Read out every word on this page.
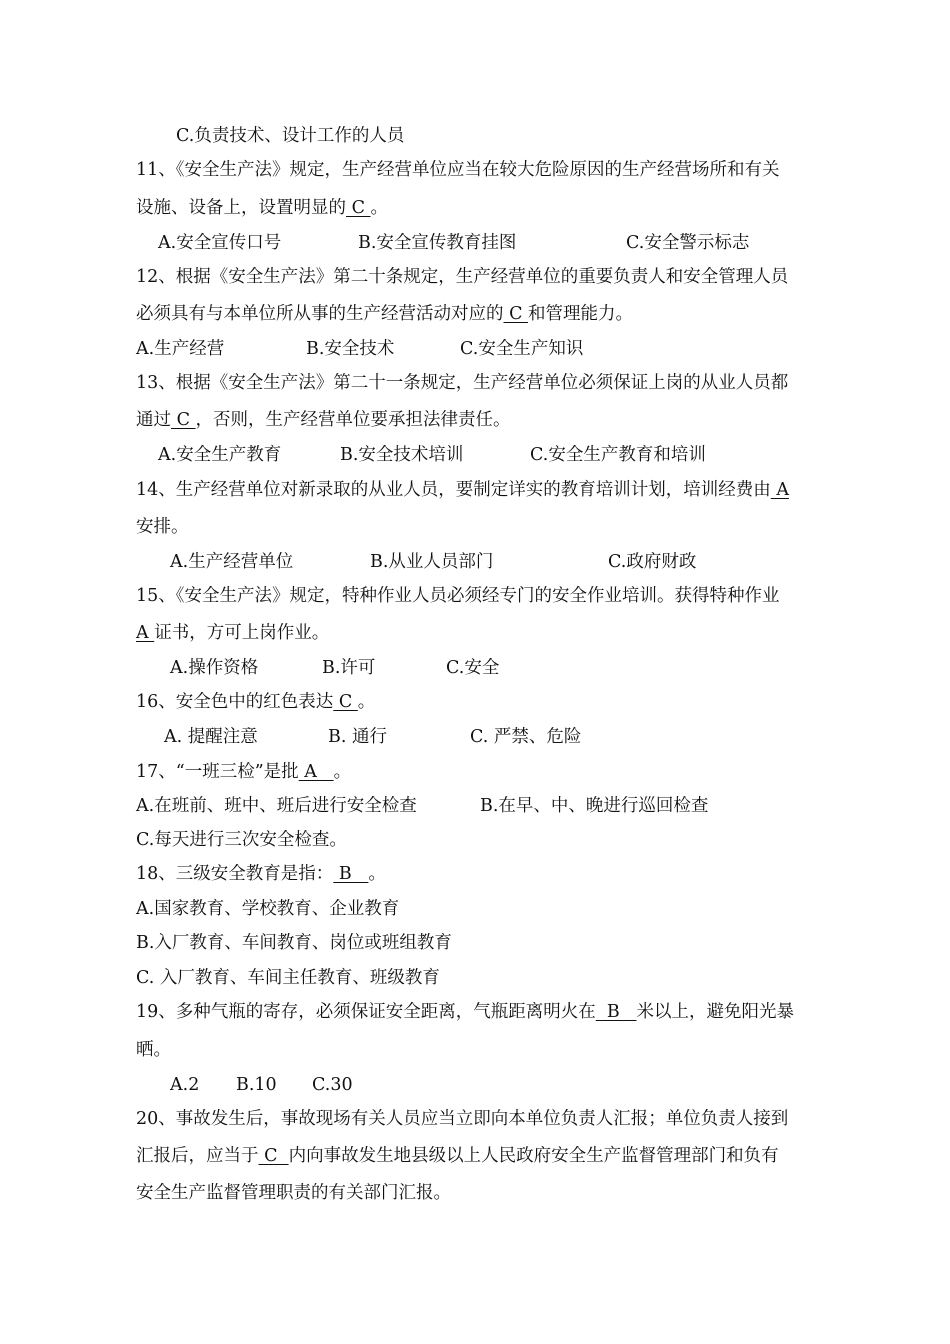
C.负责技术、设计工作的人员
11、《安全生产法》规定，生产经营单位应当在较大危险原因的生产经营场所和有关
设施、设备上，设置明显的 C 。
A.安全宣传口号	B.安全宣传教育挂图	C.安全警示标志
12、根据《安全生产法》第二十条规定，生产经营单位的重要负责人和安全管理人员
必须具有与本单位所从事的生产经营活动对应的 C 和管理能力。
A.生产经营	B.安全技术	C.安全生产知识
13、根据《安全生产法》第二十一条规定，生产经营单位必须保证上岗的从业人员都
通过 C ，否则，生产经营单位要承担法律责任。
A.安全生产教育	B.安全技术培训	C.安全生产教育和培训
14、生产经营单位对新录取的从业人员，要制定详实的教育培训计划，培训经费由 A
安排。
A.生产经营单位	B.从业人员部门	C.政府财政
15、《安全生产法》规定，特种作业人员必须经专门的安全作业培训。获得特种作业
A 证书，方可上岗作业。
A.操作资格	B.许可	C.安全
16、安全色中的红色表达 C 。
A. 提醒注意	B. 通行	C. 严禁、危险
17、“一班三检”是批 A   。
A.在班前、班中、班后进行安全检查	B.在早、中、晚进行巡回检查
C.每天进行三次安全检查。
18、三级安全教育是指： B   。
A.国家教育、学校教育、企业教育
B.入厂教育、车间教育、岗位或班组教育
C. 入厂教育、车间主任教育、班级教育
19、多种气瓶的寄存，必须保证安全距离，气瓶距离明火在  B   米以上，避免阳光暴
晒。
A.2 B.10 C.30
20、事故发生后，事故现场有关人员应当立即向本单位负责人汇报；单位负责人接到
汇报后，应当于 C  内向事故发生地县级以上人民政府安全生产监督管理部门和负有
安全生产监督管理职责的有关部门汇报。
